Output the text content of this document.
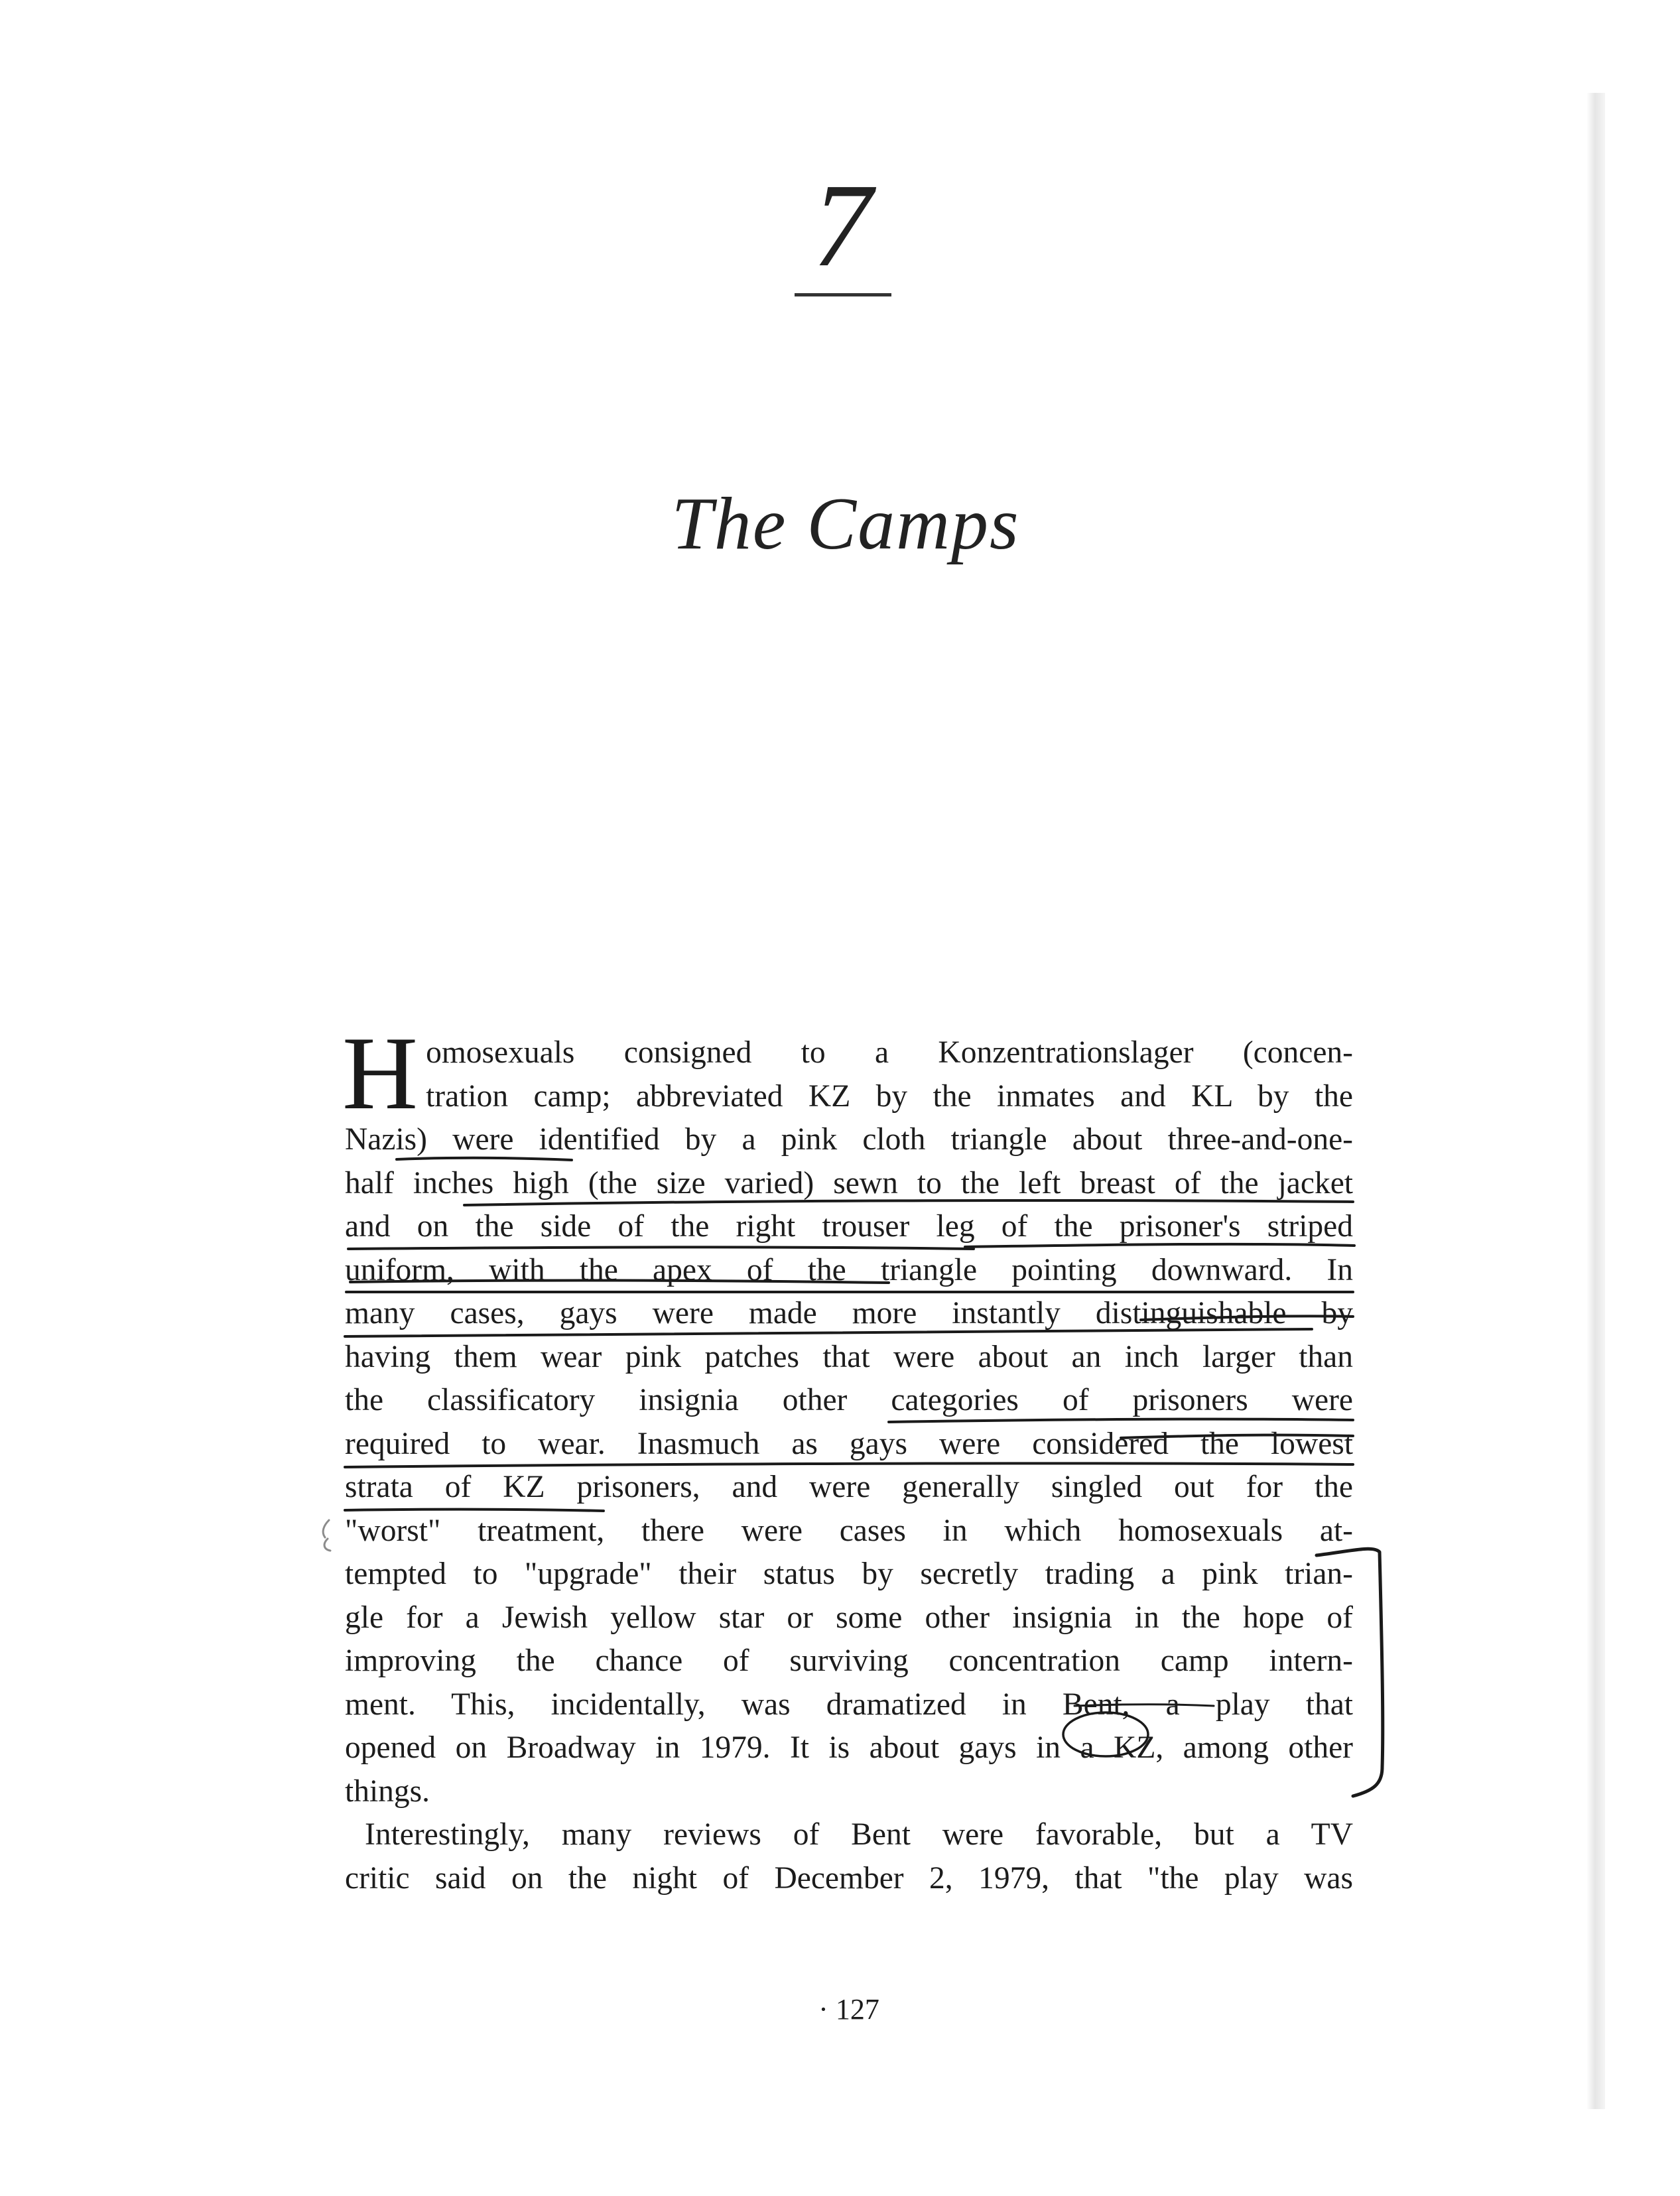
7
The Camps
H omosexuals consigned to a Konzentrationslager (concen-
tration camp; abbreviated KZ by the inmates and KL by the
Nazis) were identified by a pink cloth triangle about three-and-one-
half inches high (the size varied) sewn to the left breast of the jacket
and on the side of the right trouser leg of the prisoner's striped
uniform, with the apex of the triangle pointing downward. In
many cases, gays were made more instantly distinguishable by
having them wear pink patches that were about an inch larger than
the classificatory insignia other categories of prisoners were
required to wear. Inasmuch as gays were considered the lowest
strata of KZ prisoners, and were generally singled out for the
"worst" treatment, there were cases in which homosexuals at-
tempted to "upgrade" their status by secretly trading a pink trian-
gle for a Jewish yellow star or some other insignia in the hope of
improving the chance of surviving concentration camp intern-
ment. This, incidentally, was dramatized in Bent, a play that
opened on Broadway in 1979. It is about gays in a KZ, among other
things.
Interestingly, many reviews of Bent were favorable, but a TV
critic said on the night of December 2, 1979, that "the play was
· 127
